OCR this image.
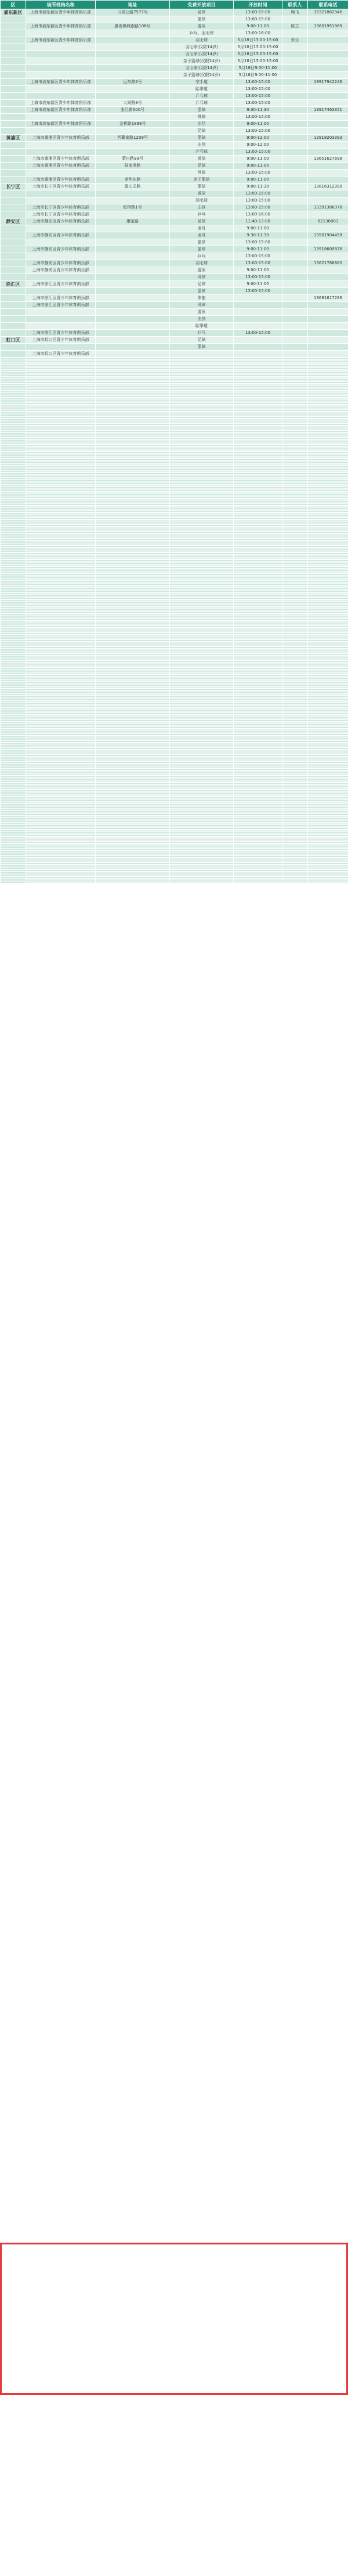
区	场所机构名称	地址	免费开放项目	开放时间	联系人	联系电话
浦东新区	上海市浦东新区青少年体育俱乐部	川周公路7577号	足球	13:00-15:00	顾飞	15321862946
			篮球	13:00-15:00		
	上海市浦东新区青少年体育俱乐部	惠南镇城南路108号	游泳	9:00-11:00	陈立	13601951969
			乒乓、羽毛球	13:00-16:00		
	上海市浦东新区青少年体育俱乐部		羽毛球	5月18日13:00-15:00	朱乐	
			羽毛球(仅限14岁)	5月18日13:00-15:00		
			羽毛球(仅限14岁)	5月18日13:00-15:00		
			亲子篮球(仅限14岁)	5月18日13:00-15:00		
			羽毛球(仅限14岁)	5月18日9:00-11:00		
			亲子篮球(仅限14岁)	5月18日9:00-11:00		
	上海市浦东新区青少年体育俱乐部	远东路2号	空手道	13:00-15:00		18917942246
			跆拳道	13:00-15:00		
			乒乓球	13:00-15:00		
	上海市浦东新区青少年体育俱乐部	大同路3号	乒乓球	13:00-15:00		
	上海市浦东新区青少年体育俱乐部	张江路500号	篮球	9:30-11:30		13917463351
			排球	13:00-15:00		
	上海市浦东新区青少年体育俱乐部	金桥路1888号	田径	9:00-11:00		
			足球	13:00-15:00		
黄浦区	上海市黄浦区青少年体育俱乐部	西藏南路1209号	篮球	9:00-12:00		13918203393
			击剑	9:00-12:00		
			乒乓球	13:00-15:00		
	上海市黄浦区青少年体育俱乐部	蒙自路99号	游泳	9:00-11:00		13651627698
	上海市黄浦区青少年体育俱乐部	陆家浜路	足球	9:00-11:00		
			网球	13:00-15:00		
	上海市黄浦区青少年体育俱乐部	龙华东路	亲子篮球	9:00-11:00		
长宁区	上海市长宁区青少年体育俱乐部	娄山关路	篮球	9:00-11:30		13816312390
			游泳	13:00-15:00		
			羽毛球	13:00-15:00		
	上海市长宁区青少年体育俱乐部	虹桥路1号	击剑	13:00-15:00		13391386378
	上海市长宁区青少年体育俱乐部		乒乓	13:00-16:00		
静安区	上海市静安区青少年体育俱乐部	康定路	足球	11:40-13:00		62136001
			龙舟	9:00-11:00		
	上海市静安区青少年体育俱乐部		龙舟	9:30-11:30		13901904458
			篮球	13:00-15:00		
	上海市静安区青少年体育俱乐部		篮球	9:00-11:00		13918600876
			乒乓	13:00-15:00		
	上海市静安区青少年体育俱乐部		羽毛球	13:00-15:00		13621786660
	上海市静安区青少年体育俱乐部		游泳	9:00-11:00		
			网球	13:00-15:00		
徐汇区	上海市徐汇区青少年体育俱乐部		足球	9:00-11:00		
			篮球	13:00-15:00		
	上海市徐汇区青少年体育俱乐部		体能			13681617286
	上海市徐汇区青少年体育俱乐部		网球			
			游泳			
			击剑			
			跆拳道			
	上海市徐汇区青少年体育俱乐部		乒乓	13:00-15:00		
虹口区	上海市虹口区青少年体育俱乐部		足球			
			篮球			
	上海市虹口区青少年体育俱乐部					
